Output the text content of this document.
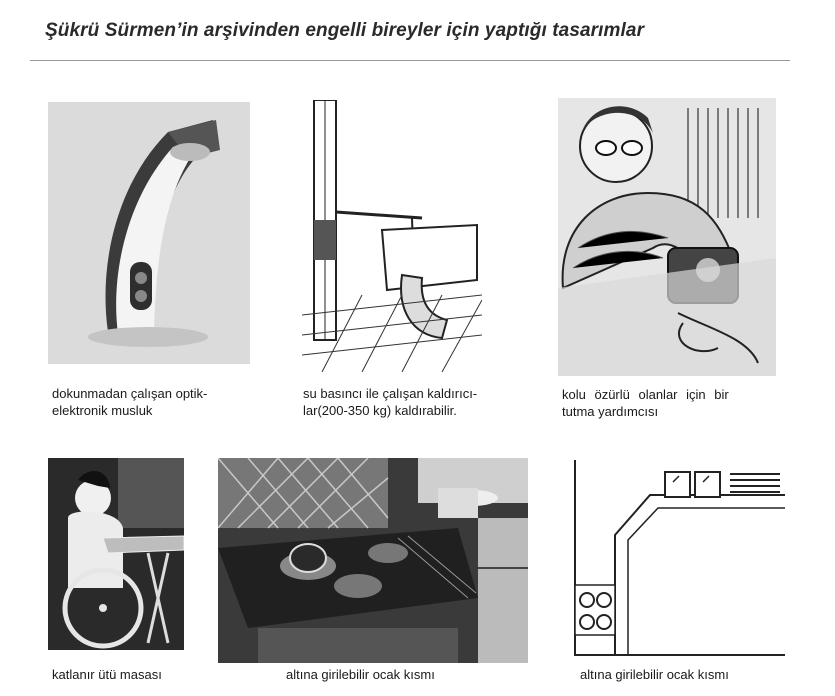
Şükrü Sürmen’in arşivinden engelli bireyler için yaptığı tasarımlar
dokunmadan çalışan optik-
elektronik musluk
su basıncı ile çalışan kaldırıcı-
lar(200-350 kg) kaldırabilir.
kolu özürlü olanlar için bir
tutma yardımcısı
katlanır ütü masası	altına girilebilir ocak kısmı	altına girilebilir ocak kısmı
